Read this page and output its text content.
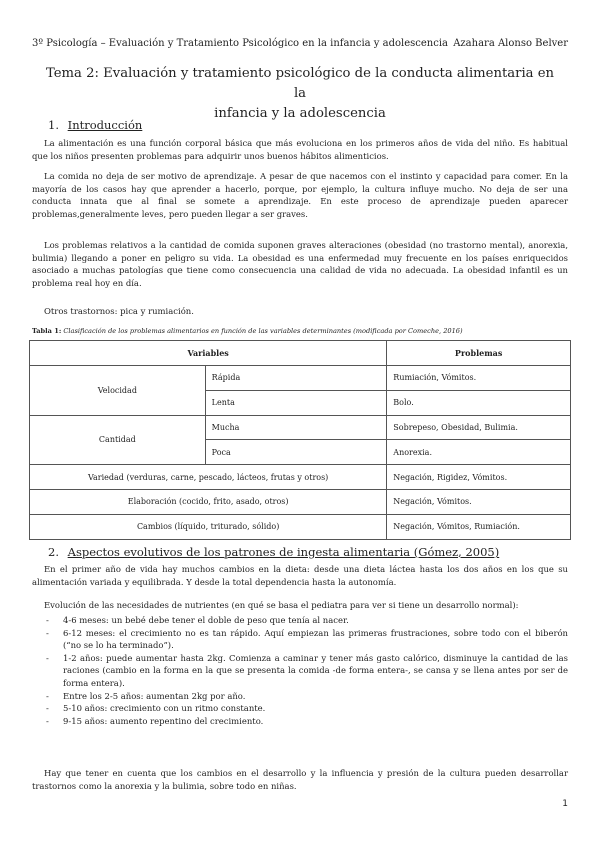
3º Psicología – Evaluación y Tratamiento Psicológico en la infancia y adolescencia Azahara Alonso Belver
Tema 2: Evaluación y tratamiento psicológico de la conducta alimentaria en la
infancia y la adolescencia
1. Introducción
La alimentación es una función corporal básica que más evoluciona en los primeros años de vida del niño. Es habitual que los niños presenten problemas para adquirir unos buenos hábitos alimenticios.
La comida no deja de ser motivo de aprendizaje. A pesar de que nacemos con el instinto y capacidad para comer. En la mayoría de los casos hay que aprender a hacerlo, porque, por ejemplo, la cultura influye mucho. No deja de ser una conducta innata que al final se somete a aprendizaje. En este proceso de aprendizaje pueden aparecer problemas,generalmente leves, pero pueden llegar a ser graves.
Los problemas relativos a la cantidad de comida suponen graves alteraciones (obesidad (no trastorno mental), anorexia, bulimia) llegando a poner en peligro su vida. La obesidad es una enfermedad muy frecuente en los países enriquecidos asociado a muchas patologías que tiene como consecuencia una calidad de vida no adecuada. La obesidad infantil es un problema real hoy en día.
Otros trastornos: pica y rumiación.
Tabla 1: Clasificación de los problemas alimentarios en función de las variables determinantes (modificada por Comeche, 2016)
Variables		Problemas
Velocidad	Rápida	Rumiación, Vómitos.
	Lenta	Bolo.
Cantidad	Mucha	Sobrepeso, Obesidad, Bulimia.
	Poca	Anorexia.
Variedad (verduras, carne, pescado, lácteos, frutas y otros)		Negación, Rigidez, Vómitos.
Elaboración (cocido, frito, asado, otros)		Negación, Vómitos.
Cambios (líquido, triturado, sólido)		Negación, Vómitos, Rumiación.
2. Aspectos evolutivos de los patrones de ingesta alimentaria (Gómez, 2005)
En el primer año de vida hay muchos cambios en la dieta: desde una dieta láctea hasta los dos años en los que su alimentación variada y equilibrada. Y desde la total dependencia hasta la autonomía.
Evolución de las necesidades de nutrientes (en qué se basa el pediatra para ver si tiene un desarrollo normal):
- 4-6 meses: un bebé debe tener el doble de peso que tenía al nacer.
- 6-12 meses: el crecimiento no es tan rápido. Aquí empiezan las primeras frustraciones, sobre todo con el biberón (“no se lo ha terminado”).
- 1-2 años: puede aumentar hasta 2kg. Comienza a caminar y tener más gasto calórico, disminuye la cantidad de las raciones (cambio en la forma en la que se presenta la comida -de forma entera-, se cansa y se llena antes por ser de forma entera).
- Entre los 2-5 años: aumentan 2kg por año.
- 5-10 años: crecimiento con un ritmo constante.
- 9-15 años: aumento repentino del crecimiento.
Hay que tener en cuenta que los cambios en el desarrollo y la influencia y presión de la cultura pueden desarrollar trastornos como la anorexia y la bulimia, sobre todo en niñas.
1
